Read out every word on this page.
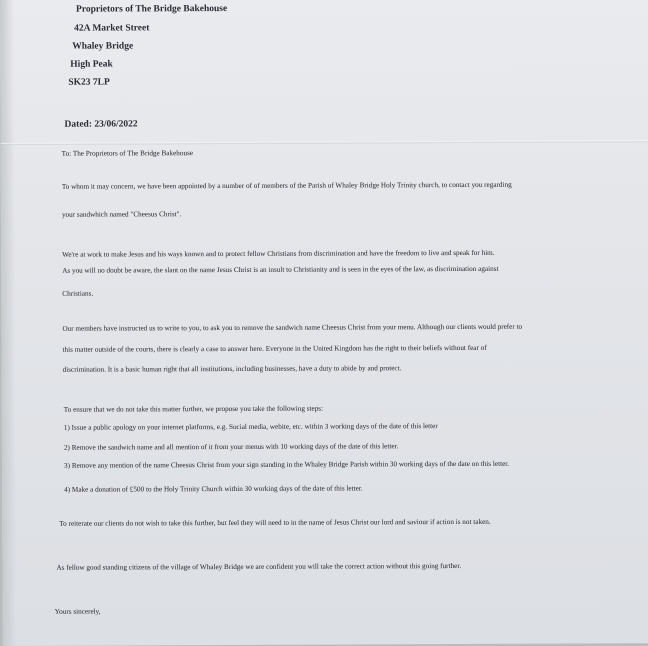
Proprietors of The Bridge Bakehouse
42A Market Street
Whaley Bridge
High Peak
SK23 7LP
Dated: 23/06/2022
To: The Proprietors of The Bridge Bakehouse
To whom it may concern, we have been appointed by a number of of members of the Parish of Whaley Bridge Holy Trinity church, to contact you regarding
your sandwhich named "Cheesus Christ".
We're at work to make Jesus and his ways known and to protect fellow Christians from discrimination and have the freedom to live and speak for him.
As you will no doubt be aware, the slant on the name Jesus Christ is an insult to Christianity and is seen in the eyes of the law, as discrimination against
Christians.
Our members have instructed us to write to you, to ask you to remove the sandwich name Cheesus Christ from your menu. Although our clients would prefer to
this matter outside of the courts, there is clearly a case to answer here. Everyone in the United Kingdom has the right to their beliefs without fear of
discrimination. It is a basic human right that all institutions, including businesses, have a duty to abide by and protect.
To ensure that we do not take this matter further, we propose you take the following steps:
1) Issue a public apology on your internet platforms, e.g. Social media, webite, etc. within 3 working days of the date of this letter
2) Remove the sandwich name and all mention of it from your menus with 10 working days of the date of this letter.
3) Remove any mention of the name Cheesus Christ from your sign standing in the Whaley Bridge Parish within 30 working days of the date on this letter.
4) Make a donation of £500 to the Holy Trinity Church within 30 working days of the date of this letter.
To reiterate our clients do not wish to take this further, but feel they will need to in the name of Jesus Christ our lord and saviour if action is not taken.
As fellow good standing citizens of the village of Whaley Bridge we are confident you will take the correct action without this going further.
Yours sincerely,
